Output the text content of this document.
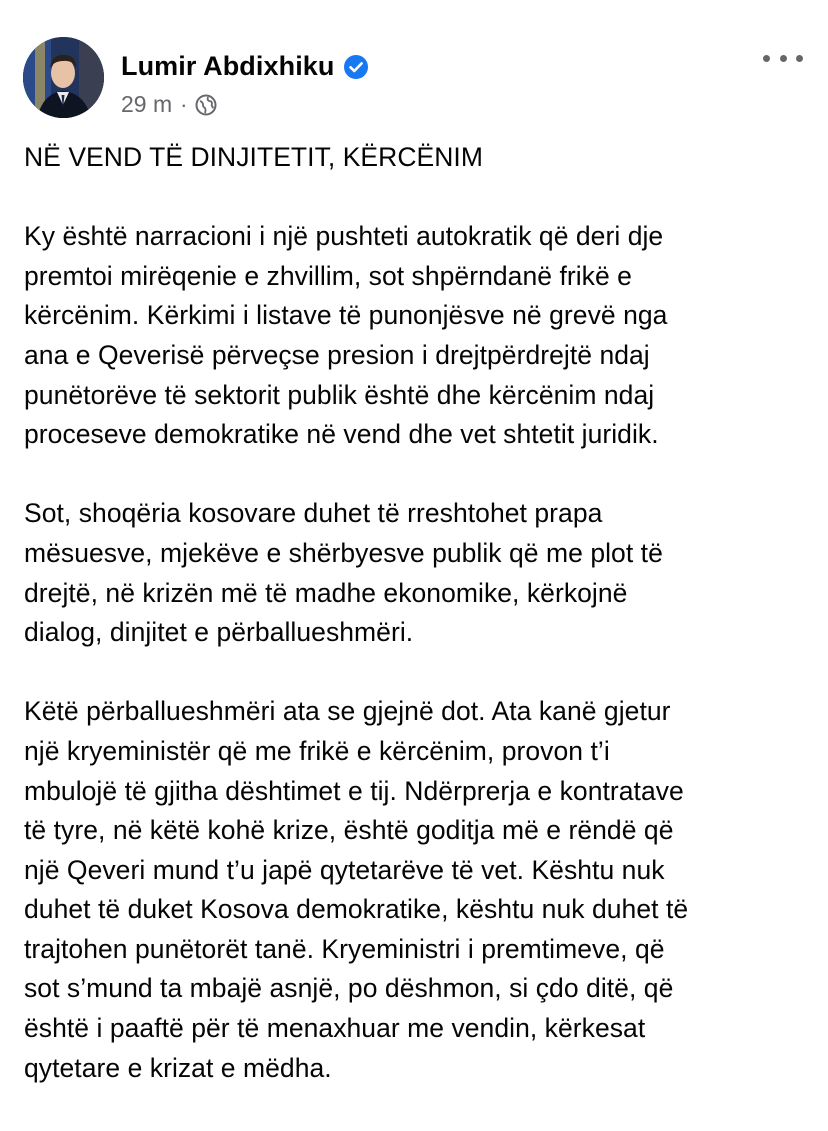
Lumir Abdixhiku
29 m ·

NË VEND TË DINJITETIT, KËRCËNIM

Ky është narracioni i një pushteti autokratik që deri dje
premtoi mirëqenie e zhvillim, sot shpërndanë frikë e
kërcënim. Kërkimi i listave të punonjësve në grevë nga
ana e Qeverisë përveçse presion i drejtpërdrejtë ndaj
punëtorëve të sektorit publik është dhe kërcënim ndaj
proceseve demokratike në vend dhe vet shtetit juridik.

Sot, shoqëria kosovare duhet të rreshtohet prapa
mësuesve, mjekëve e shërbyesve publik që me plot të
drejtë, në krizën më të madhe ekonomike, kërkojnë
dialog, dinjitet e përballueshmëri.

Këtë përballueshmëri ata se gjejnë dot. Ata kanë gjetur
një kryeministër që me frikë e kërcënim, provon t’i
mbulojë të gjitha dështimet e tij. Ndërprerja e kontratave
të tyre, në këtë kohë krize, është goditja më e rëndë që
një Qeveri mund t’u japë qytetarëve të vet. Kështu nuk
duhet të duket Kosova demokratike, kështu nuk duhet të
trajtohen punëtorët tanë. Kryeministri i premtimeve, që
sot s’mund ta mbajë asnjë, po dëshmon, si çdo ditë, që
është i paaftë për të menaxhuar me vendin, kërkesat
qytetare e krizat e mëdha.
